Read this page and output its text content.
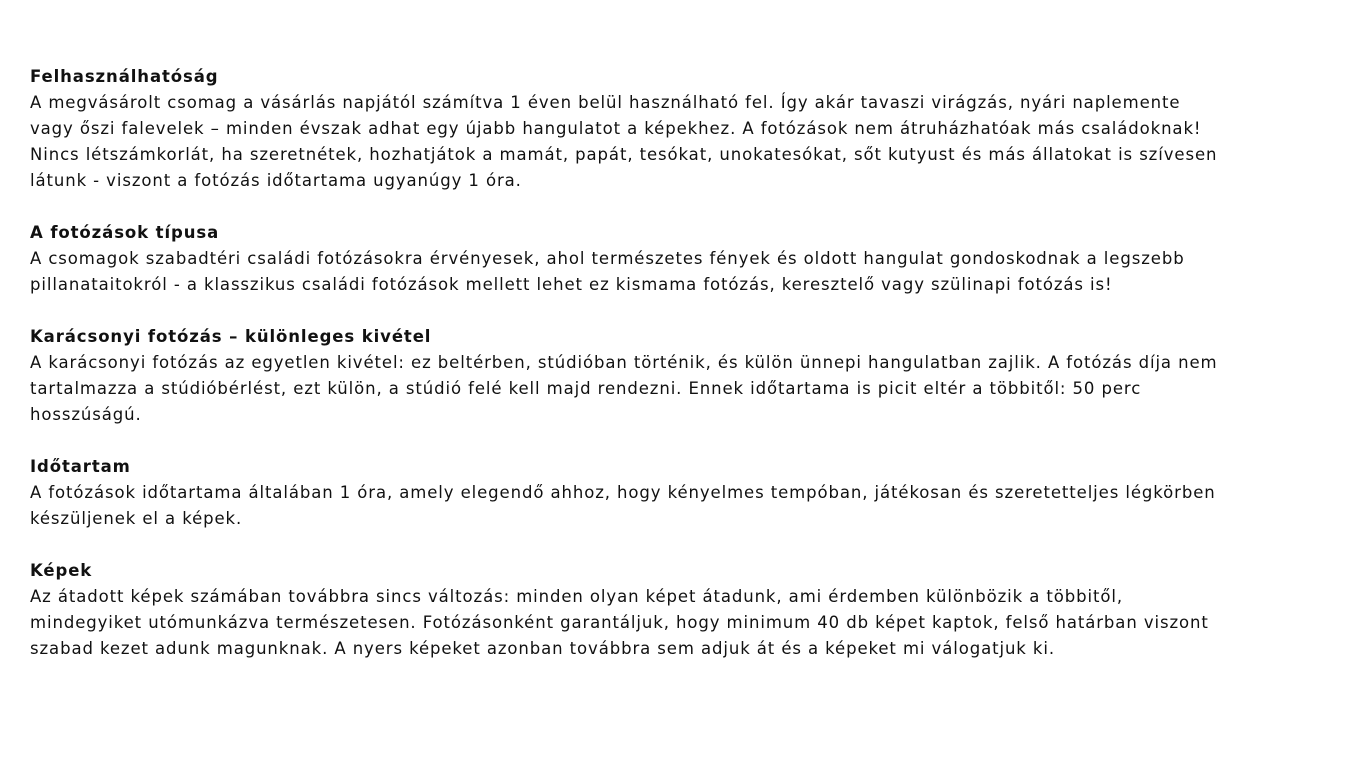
Felhasználhatóság

A megvásárolt csomag a vásárlás napjától számítva 1 éven belül használható fel. Így akár tavaszi virágzás, nyári naplemente vagy őszi falevelek – minden évszak adhat egy újabb hangulatot a képekhez. A fotózások nem átruházhatóak más családoknak!

Nincs létszámkorlát, ha szeretnétek, hozhatjátok a mamát, papát, tesókat, unokatesókat, sőt kutyust és más állatokat is szívesen látunk - viszont a fotózás időtartama ugyanúgy 1 óra.

A fotózások típusa

A csomagok szabadtéri családi fotózásokra érvényesek, ahol természetes fények és oldott hangulat gondoskodnak a legszebb pillanataitokról - a klasszikus családi fotózások mellett lehet ez kismama fotózás, keresztelő vagy szülinapi fotózás is!

Karácsonyi fotózás – különleges kivétel

A karácsonyi fotózás az egyetlen kivétel: ez beltérben, stúdióban történik, és külön ünnepi hangulatban zajlik. A fotózás díja nem tartalmazza a stúdióbérlést, ezt külön, a stúdió felé kell majd rendezni. Ennek időtartama is picit eltér a többitől: 50 perc hosszúságú.

Időtartam

A fotózások időtartama általában 1 óra, amely elegendő ahhoz, hogy kényelmes tempóban, játékosan és szeretetteljes légkörben készüljenek el a képek.

Képek

Az átadott képek számában továbbra sincs változás: minden olyan képet átadunk, ami érdemben különbözik a többitől, mindegyiket utómunkázva természetesen. Fotózásonként garantáljuk, hogy minimum 40 db képet kaptok, felső határban viszont szabad kezet adunk magunknak. A nyers képeket azonban továbbra sem adjuk át és a képeket mi válogatjuk ki.
